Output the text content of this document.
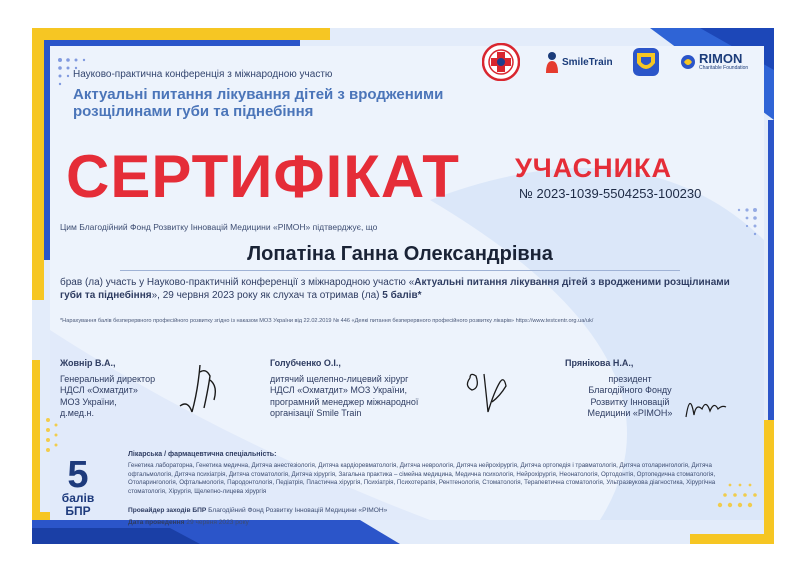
SmileTrain	RIMON
Charitable Foundation
Науково-практична конференція з міжнародною участю
Актуальні питання лікування дітей з вродженими розщілинами губи та піднебіння
СЕРТИФІКАТ УЧАСНИКА
№ 2023-1039-5504253-100230
Цим Благодійний Фонд Розвитку Інновацій Медицини «РІМОН» підтверджує, що
Лопатіна Ганна Олександрівна
брав (ла) участь у Науково-практичній конференції з міжнародною участю «Актуальні питання лікування дітей з вродженими розщілинами губи та піднебіння», 29 червня 2023 року як слухач та отримав (ла) 5 балів*
*Нарахування балів безперервного професійного розвитку згідно із наказом МОЗ України від 22.02.2019 № 446 «Деякі питання безперервного професійного розвитку лікарів» https://www.testcentr.org.ua/uk/
Жовнір В.А.,
Генеральний директор
НДСЛ «Охматдит»
МОЗ України,
д.мед.н.
Голубченко О.І.,
дитячий щелепно-лицевий хірург
НДСЛ «Охматдит» МОЗ України,
програмний менеджер міжнародної
організації Smile Train
Прянікова Н.А.,
президент
Благодійного Фонду
Розвитку Інновацій
Медицини «РІМОН»
5
балів
БПР
Лікарська / фармацевтична спеціальність:
Генетика лабораторна, Генетика медична, Дитяча анестезіологія, Дитяча кардіоревматологія, Дитяча неврологія, Дитяча нейрохірургія, Дитяча ортопедія і травматологія, Дитяча отоларингологія, Дитяча офтальмологія, Дитяча психіатрія, Дитяча стоматологія, Дитяча хірургія, Загальна практика – сімейна медицина, Медична психологія, Нейрохірургія, Неонатологія, Ортодонтія, Ортопедична стоматологія, Отоларингологія, Офтальмологія, Пародонтологія, Педіатрія, Пластична хірургія, Психіатрія, Психотерапія, Рентгенологія, Стоматологія, Терапевтична стоматологія, Ультразвукова діагностика, Хірургічна стоматологія, Хірургія, Щелепно-лицева хірургія
Провайдер заходів БПР Благодійний Фонд Розвитку Інновацій Медицини «РІМОН»
Дата проведення 29 червня 2023 року
